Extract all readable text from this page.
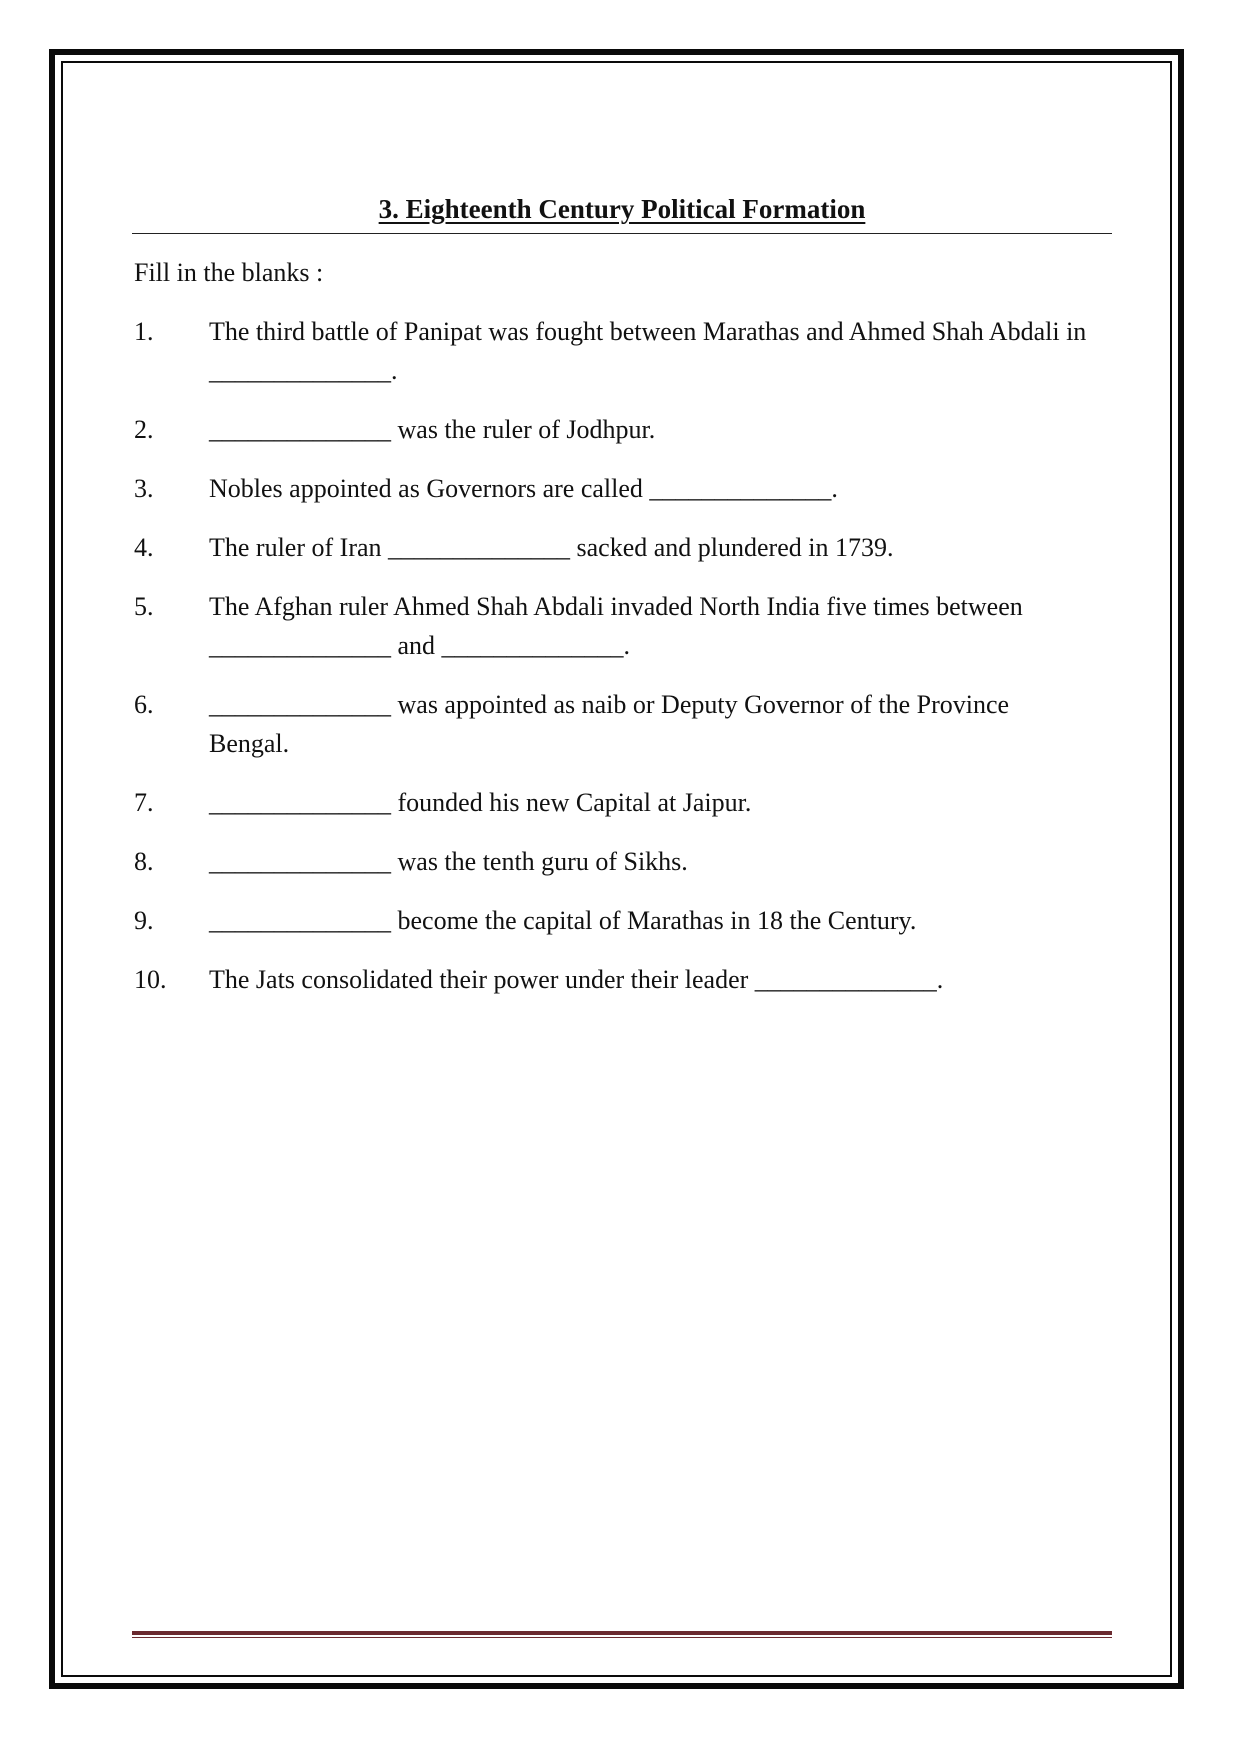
3. Eighteenth Century Political Formation
Fill in the blanks :
1. The third battle of Panipat was fought between Marathas and Ahmed Shah Abdali in ______________.
2. ______________ was the ruler of Jodhpur.
3. Nobles appointed as Governors are called ______________.
4. The ruler of Iran ______________ sacked and plundered in 1739.
5. The Afghan ruler Ahmed Shah Abdali invaded North India five times between ______________ and ______________.
6. ______________ was appointed as naib or Deputy Governor of the Province Bengal.
7. ______________ founded his new Capital at Jaipur.
8. ______________ was the tenth guru of Sikhs.
9. ______________ become the capital of Marathas in 18 the Century.
10. The Jats consolidated their power under their leader ______________.
